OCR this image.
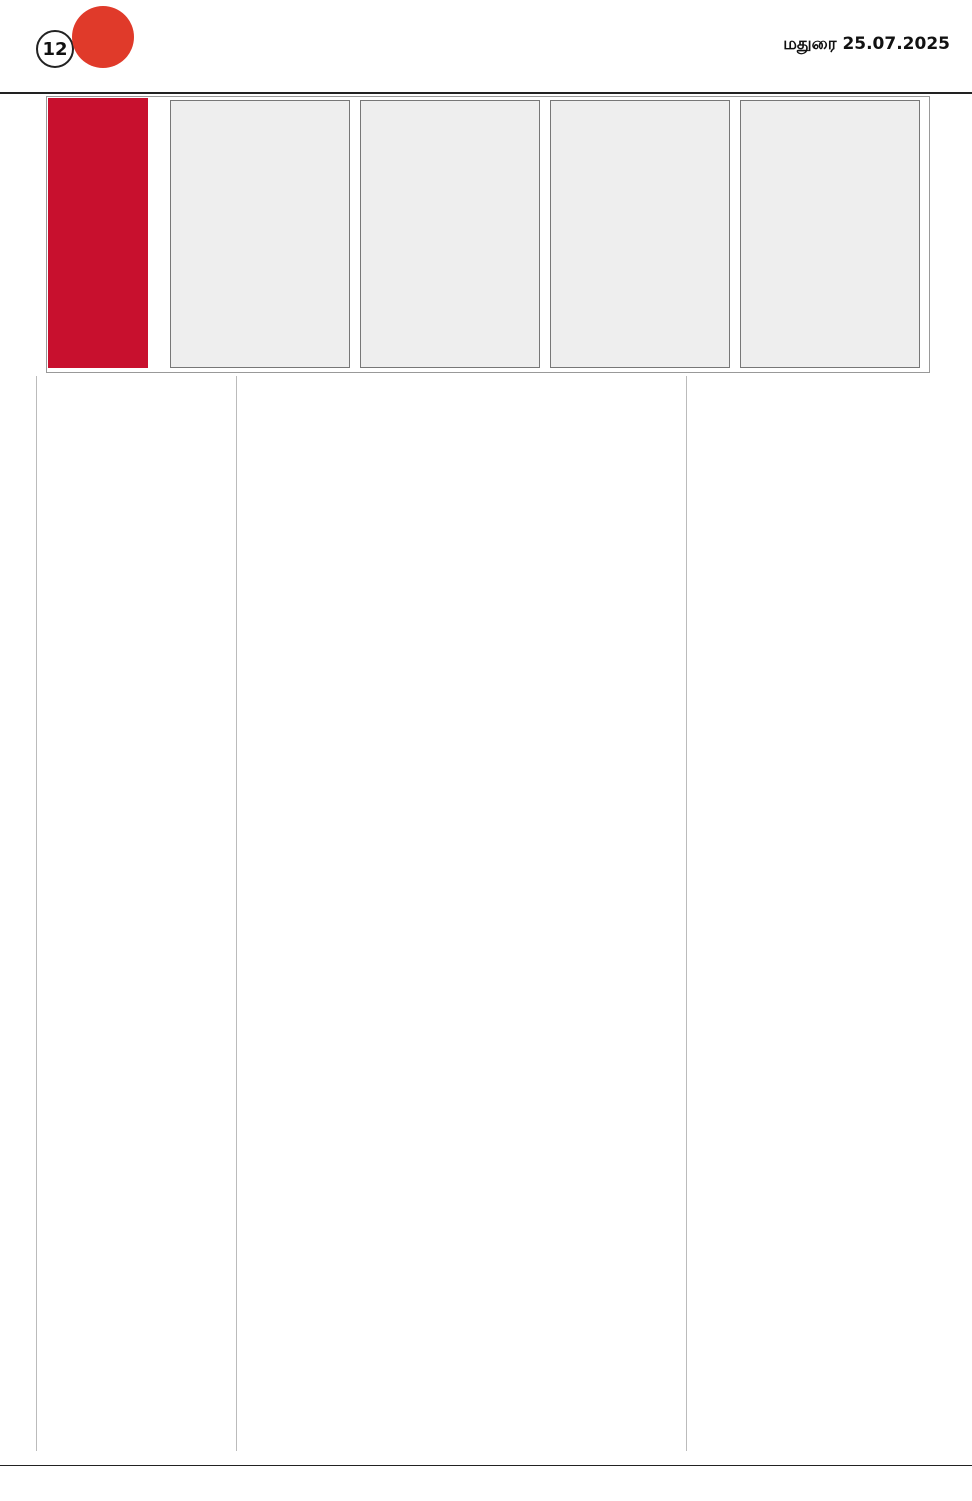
12	மதுரை 25.07.2025
